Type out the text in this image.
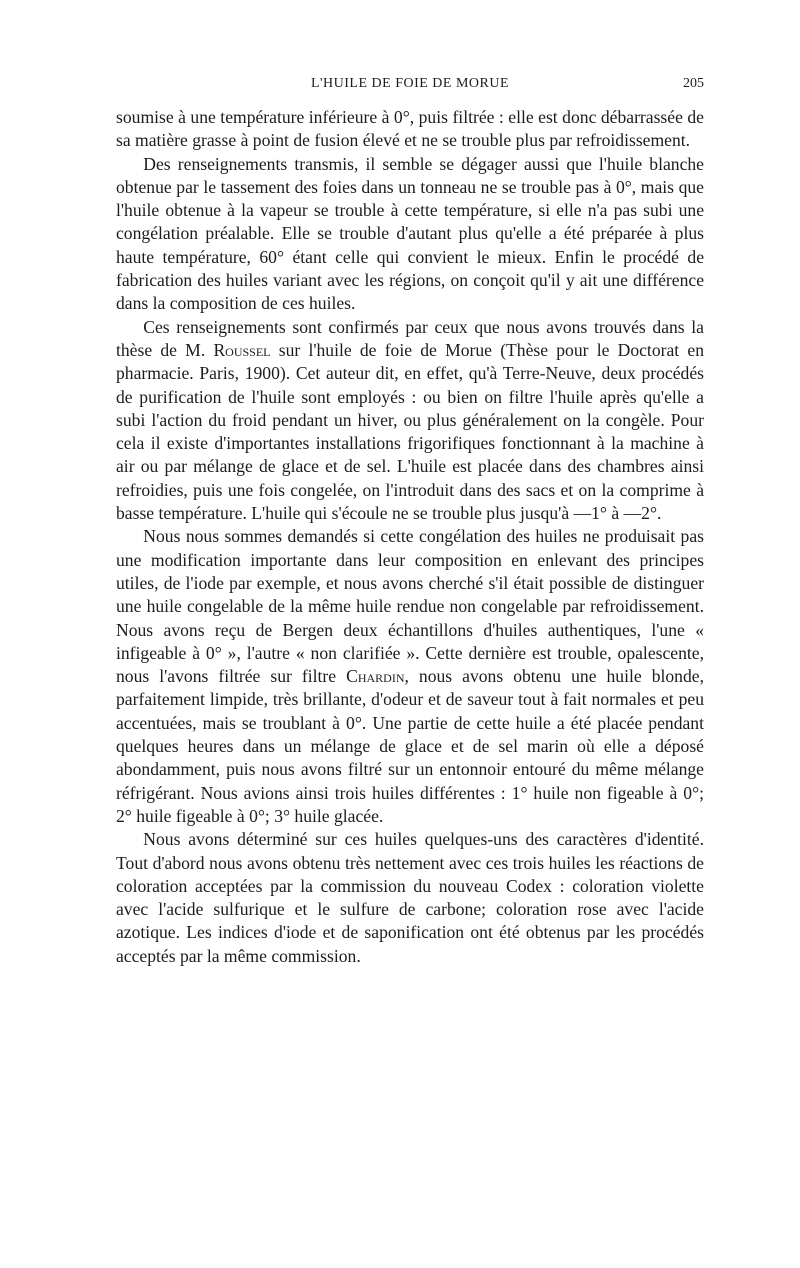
L'HUILE DE FOIE DE MORUE	205

soumise à une température inférieure à 0°, puis filtrée : elle est donc débarrassée de sa matière grasse à point de fusion élevé et ne se trouble plus par refroidissement.

Des renseignements transmis, il semble se dégager aussi que l'huile blanche obtenue par le tassement des foies dans un tonneau ne se trouble pas à 0°, mais que l'huile obtenue à la vapeur se trouble à cette température, si elle n'a pas subi une congélation préalable. Elle se trouble d'autant plus qu'elle a été préparée à plus haute température, 60° étant celle qui convient le mieux. Enfin le procédé de fabrication des huiles variant avec les régions, on conçoit qu'il y ait une différence dans la composition de ces huiles.

Ces renseignements sont confirmés par ceux que nous avons trouvés dans la thèse de M. Roussel sur l'huile de foie de Morue (Thèse pour le Doctorat en pharmacie. Paris, 1900). Cet auteur dit, en effet, qu'à Terre-Neuve, deux procédés de purification de l'huile sont employés : ou bien on filtre l'huile après qu'elle a subi l'action du froid pendant un hiver, ou plus généralement on la congèle. Pour cela il existe d'importantes installations frigorifiques fonctionnant à la machine à air ou par mélange de glace et de sel. L'huile est placée dans des chambres ainsi refroidies, puis une fois congelée, on l'introduit dans des sacs et on la comprime à basse température. L'huile qui s'écoule ne se trouble plus jusqu'à —1° à —2°.

Nous nous sommes demandés si cette congélation des huiles ne produisait pas une modification importante dans leur composition en enlevant des principes utiles, de l'iode par exemple, et nous avons cherché s'il était possible de distinguer une huile congelable de la même huile rendue non congelable par refroidissement. Nous avons reçu de Bergen deux échantillons d'huiles authentiques, l'une « infigeable à 0° », l'autre « non clarifiée ». Cette dernière est trouble, opalescente, nous l'avons filtrée sur filtre Chardin, nous avons obtenu une huile blonde, parfaitement limpide, très brillante, d'odeur et de saveur tout à fait normales et peu accentuées, mais se troublant à 0°. Une partie de cette huile a été placée pendant quelques heures dans un mélange de glace et de sel marin où elle a déposé abondamment, puis nous avons filtré sur un entonnoir entouré du même mélange réfrigérant. Nous avions ainsi trois huiles différentes : 1° huile non figeable à 0°; 2° huile figeable à 0°; 3° huile glacée.

Nous avons déterminé sur ces huiles quelques-uns des caractères d'identité. Tout d'abord nous avons obtenu très nettement avec ces trois huiles les réactions de coloration acceptées par la commission du nouveau Codex : coloration violette avec l'acide sulfurique et le sulfure de carbone; coloration rose avec l'acide azotique. Les indices d'iode et de saponification ont été obtenus par les procédés acceptés par la même commission.
